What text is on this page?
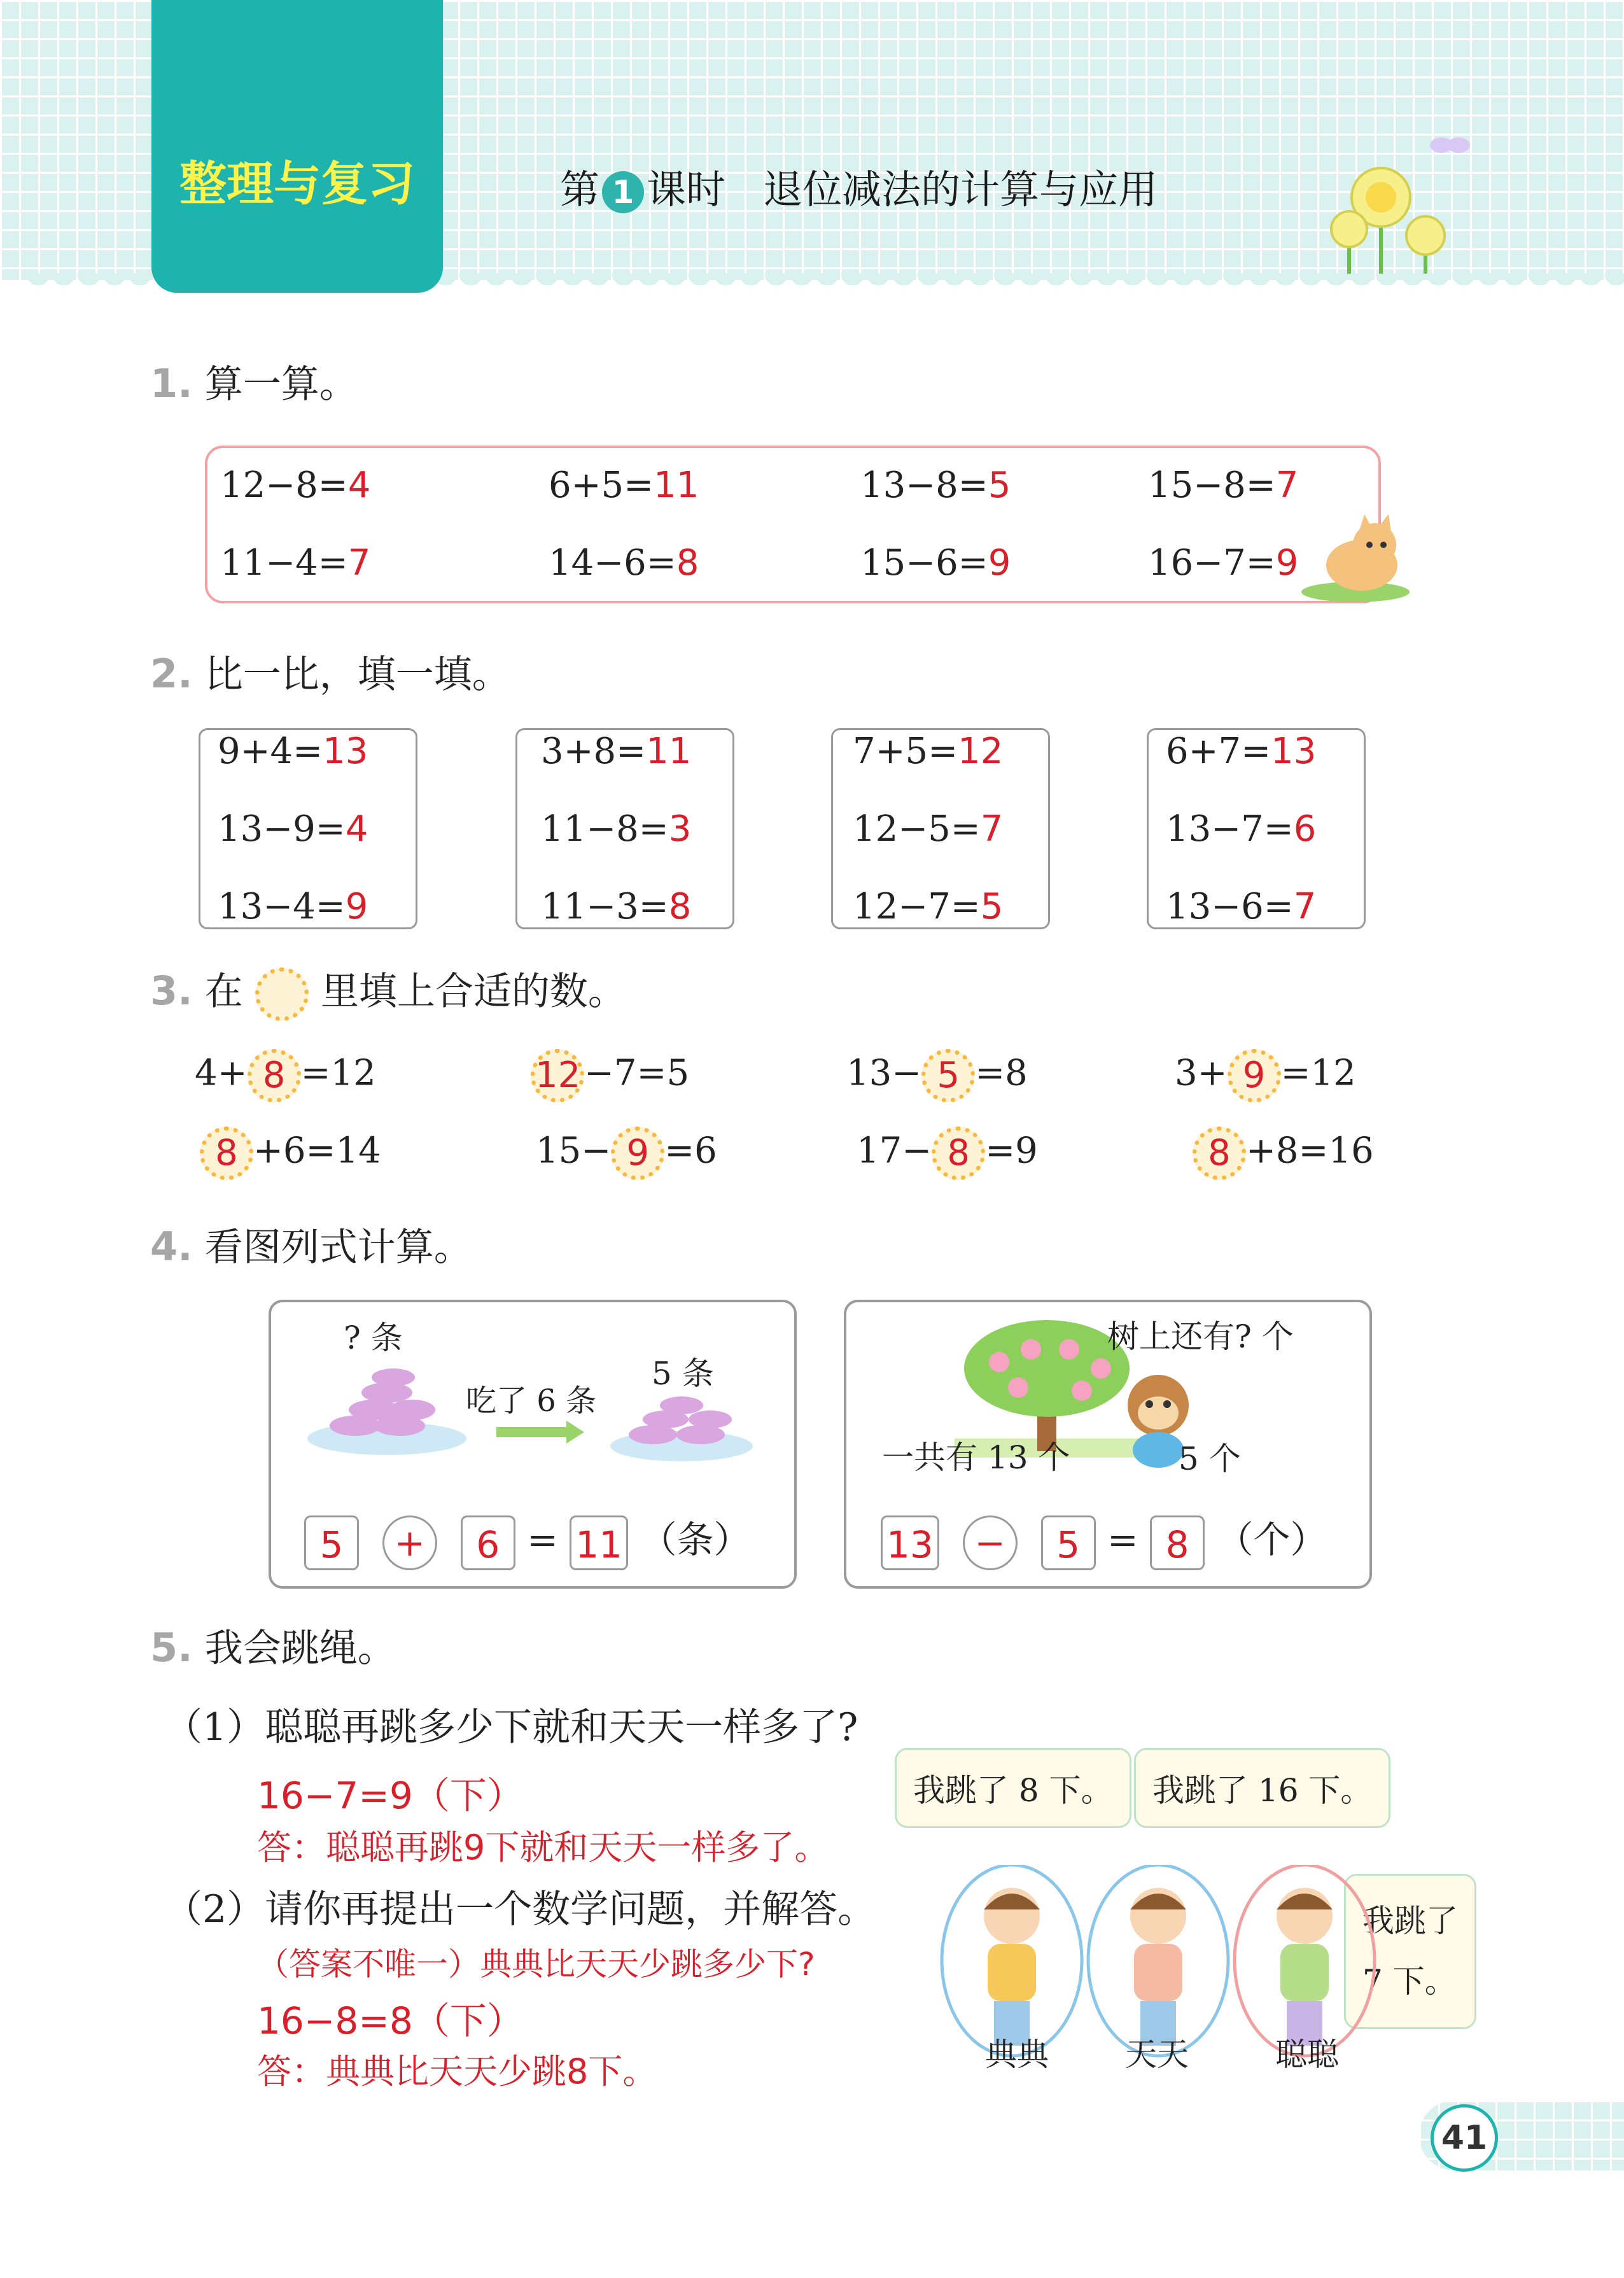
整理与复习	第 1 课时 退位减法的计算与应用
1. 算一算。
12−8=4	6+5=11	13−8=5	15−8=7
11−4=7	14−6=8	15−6=9	16−7=9
2. 比一比，填一填。
9+4=13
13−9=4
13−4=9
3+8=11
11−8=3
11−3=8
7+5=12
12−5=7
12−7=5
6+7=13
13−7=6
13−6=7
3. 在 里填上合适的数。
4+ 8 =12	12 −7=5	13− 5 =8	3+ 9 =12
8 +6=14	15− 9 =6	17− 8 =9	8 +8=16
4. 看图列式计算。
? 条
吃了 6 条
5 条
5 + 6 = 11 （条）
树上还有? 个
一共有 13 个	5 个
13 − 5 = 8 （个）
5. 我会跳绳。
（1）聪聪再跳多少下就和天天一样多了?
16−7=9（下）
答：聪聪再跳9下就和天天一样多了。
（2）请你再提出一个数学问题，并解答。
（答案不唯一）典典比天天少跳多少下?
16−8=8（下）
答：典典比天天少跳8下。
我跳了 8 下。	我跳了 16 下。
我跳了
7 下。
典典 天天	聪聪
41
